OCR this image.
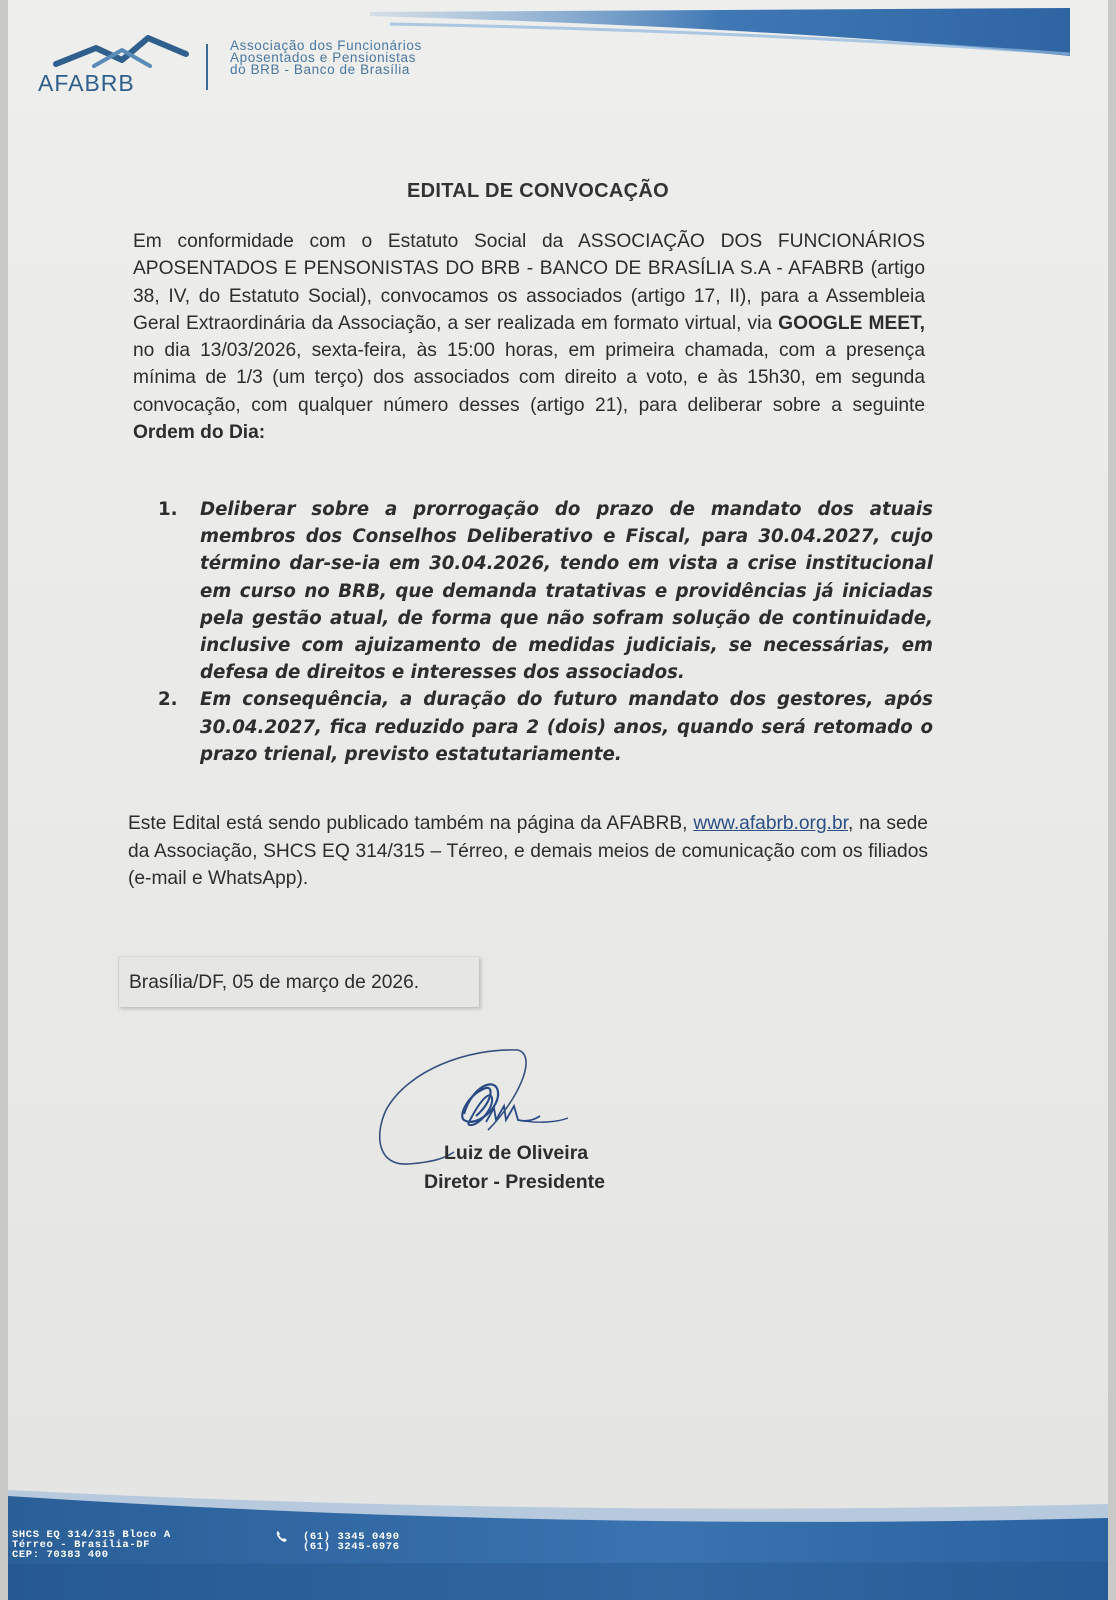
AFABRB
Associação dos Funcionários
Aposentados e Pensionistas
do BRB - Banco de Brasília
EDITAL DE CONVOCAÇÃO
Em conformidade com o Estatuto Social da ASSOCIAÇÃO DOS FUNCIONÁRIOS APOSENTADOS E PENSONISTAS DO BRB - BANCO DE BRASÍLIA S.A - AFABRB (artigo 38, IV, do Estatuto Social), convocamos os associados (artigo 17, II), para a Assembleia Geral Extraordinária da Associação, a ser realizada em formato virtual, via GOOGLE MEET, no dia 13/03/2026, sexta-feira, às 15:00 horas, em primeira chamada, com a presença mínima de 1/3 (um terço) dos associados com direito a voto, e às 15h30, em segunda convocação, com qualquer número desses (artigo 21), para deliberar sobre a seguinte Ordem do Dia:
1. Deliberar sobre a prorrogação do prazo de mandato dos atuais membros dos Conselhos Deliberativo e Fiscal, para 30.04.2027, cujo término dar-se-ia em 30.04.2026, tendo em vista a crise institucional em curso no BRB, que demanda tratativas e providências já iniciadas pela gestão atual, de forma que não sofram solução de continuidade, inclusive com ajuizamento de medidas judiciais, se necessárias, em defesa de direitos e interesses dos associados.
2. Em consequência, a duração do futuro mandato dos gestores, após 30.04.2027, fica reduzido para 2 (dois) anos, quando será retomado o prazo trienal, previsto estatutariamente.
Este Edital está sendo publicado também na página da AFABRB, www.afabrb.org.br, na sede da Associação, SHCS EQ 314/315 – Térreo, e demais meios de comunicação com os filiados (e-mail e WhatsApp).
Brasília/DF, 05 de março de 2026.
Luiz de Oliveira
Diretor - Presidente
SHCS EQ 314/315 Bloco A
Térreo - Brasília-DF
CEP: 70383 400
(61) 3345 0490
(61) 3245-6976
